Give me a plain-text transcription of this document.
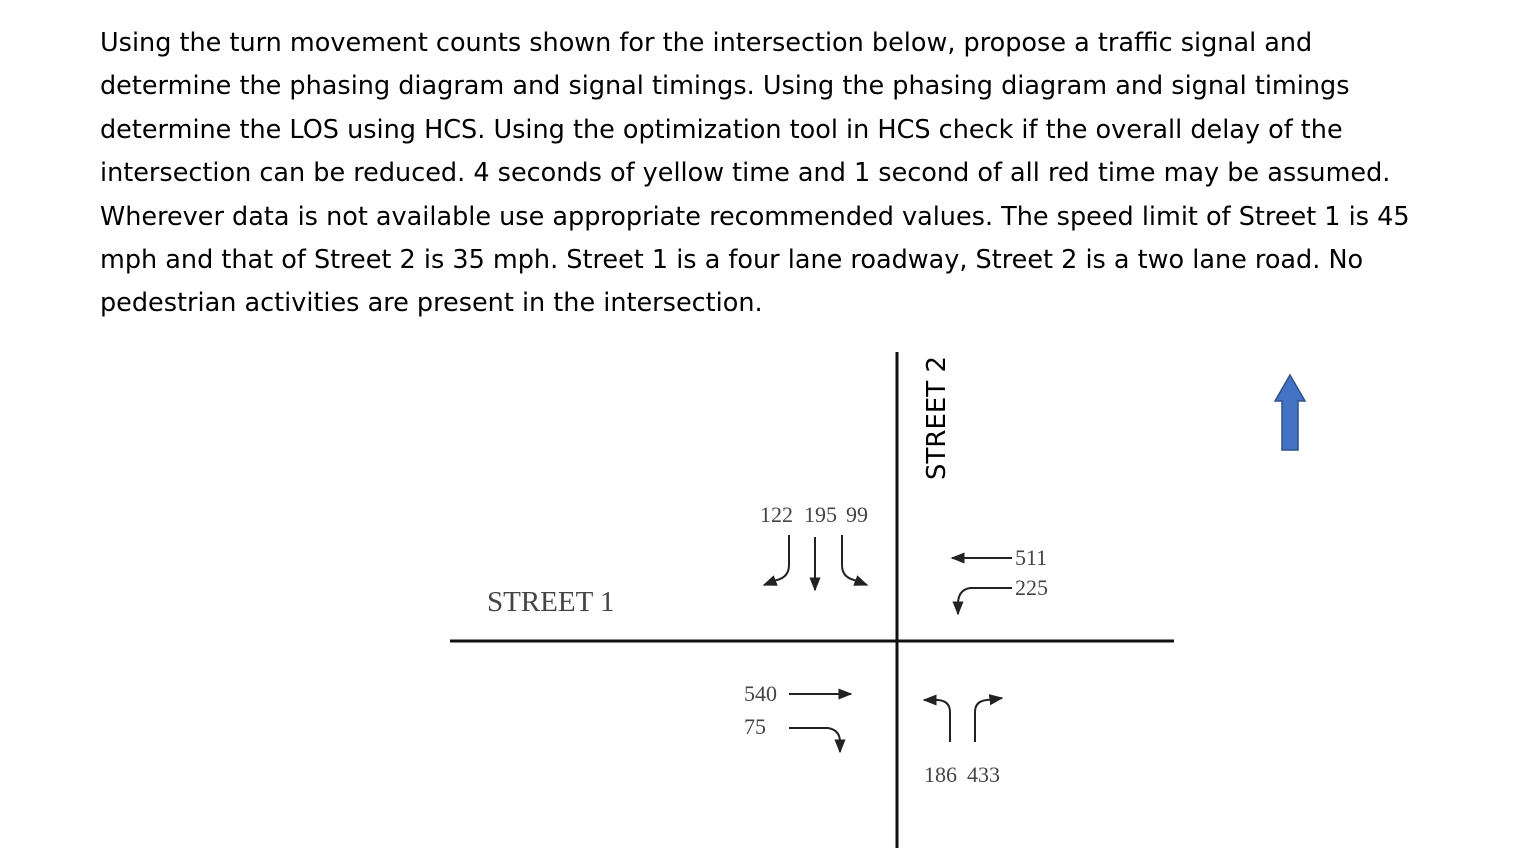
Using the turn movement counts shown for the intersection below, propose a traffic signal and
determine the phasing diagram and signal timings. Using the phasing diagram and signal timings
determine the LOS using HCS. Using the optimization tool in HCS check if the overall delay of the
intersection can be reduced. 4 seconds of yellow time and 1 second of all red time may be assumed.
Wherever data is not available use appropriate recommended values. The speed limit of Street 1 is 45
mph and that of Street 2 is 35 mph. Street 1 is a four lane roadway, Street 2 is a two lane road. No
pedestrian activities are present in the intersection.
STREET 1
STREET 2
122 195 99
511
225
540
75
186 433
